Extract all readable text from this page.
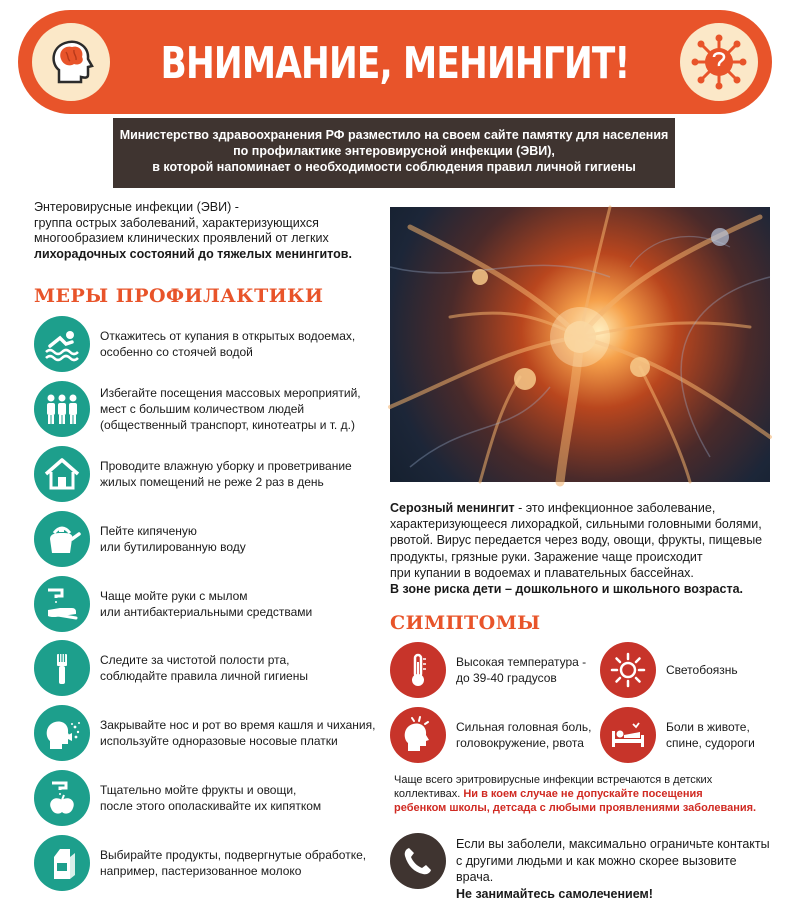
ВНИМАНИЕ, МЕНИНГИТ!
Министерство здравоохранения РФ разместило на своем сайте памятку для населения
по профилактике энтеровирусной инфекции (ЭВИ),
в которой напоминает о необходимости соблюдения правил личной гигиены
Энтеровирусные инфекции (ЭВИ) -
группа острых заболеваний, характеризующихся
многообразием клинических проявлений от легких
лихорадочных состояний до тяжелых менингитов.
МЕРЫ ПРОФИЛАКТИКИ
Откажитесь от купания в открытых водоемах,
особенно со стоячей водой
Избегайте посещения массовых мероприятий,
мест с большим количеством людей
(общественный транспорт, кинотеатры и т. д.)
Проводите влажную уборку и проветривание
жилых помещений не реже 2 раз в день
Пейте кипяченую
или бутилированную воду
Чаще мойте руки с мылом
или антибактериальными средствами
Следите за чистотой полости рта,
соблюдайте правила личной гигиены
Закрывайте нос и рот во время кашля и чихания,
используйте одноразовые носовые платки
Тщательно мойте фрукты и овощи,
после этого ополаскивайте их кипятком
Выбирайте продукты, подвергнутые обработке,
например, пастеризованное молоко
Серозный менингит - это инфекционное заболевание,
характеризующееся лихорадкой, сильными головными болями,
рвотой. Вирус передается через воду, овощи, фрукты, пищевые
продукты, грязные руки. Заражение чаще происходит
при купании в водоемах и плавательных бассейнах.
В зоне риска дети – дошкольного и школьного возраста.
СИМПТОМЫ
Высокая температура -
до 39-40 градусов
Светобоязнь
Сильная головная боль,
головокружение, рвота
Боли в животе,
спине, судороги
Чаще всего эритровирусные инфекции встречаются в детских
коллективах. Ни в коем случае не допускайте посещения
ребенком школы, детсада с любыми проявлениями заболевания.
Если вы заболели, максимально ограничьте контакты
с другими людьми и как можно скорее вызовите врача.
Не занимайтесь самолечением!
